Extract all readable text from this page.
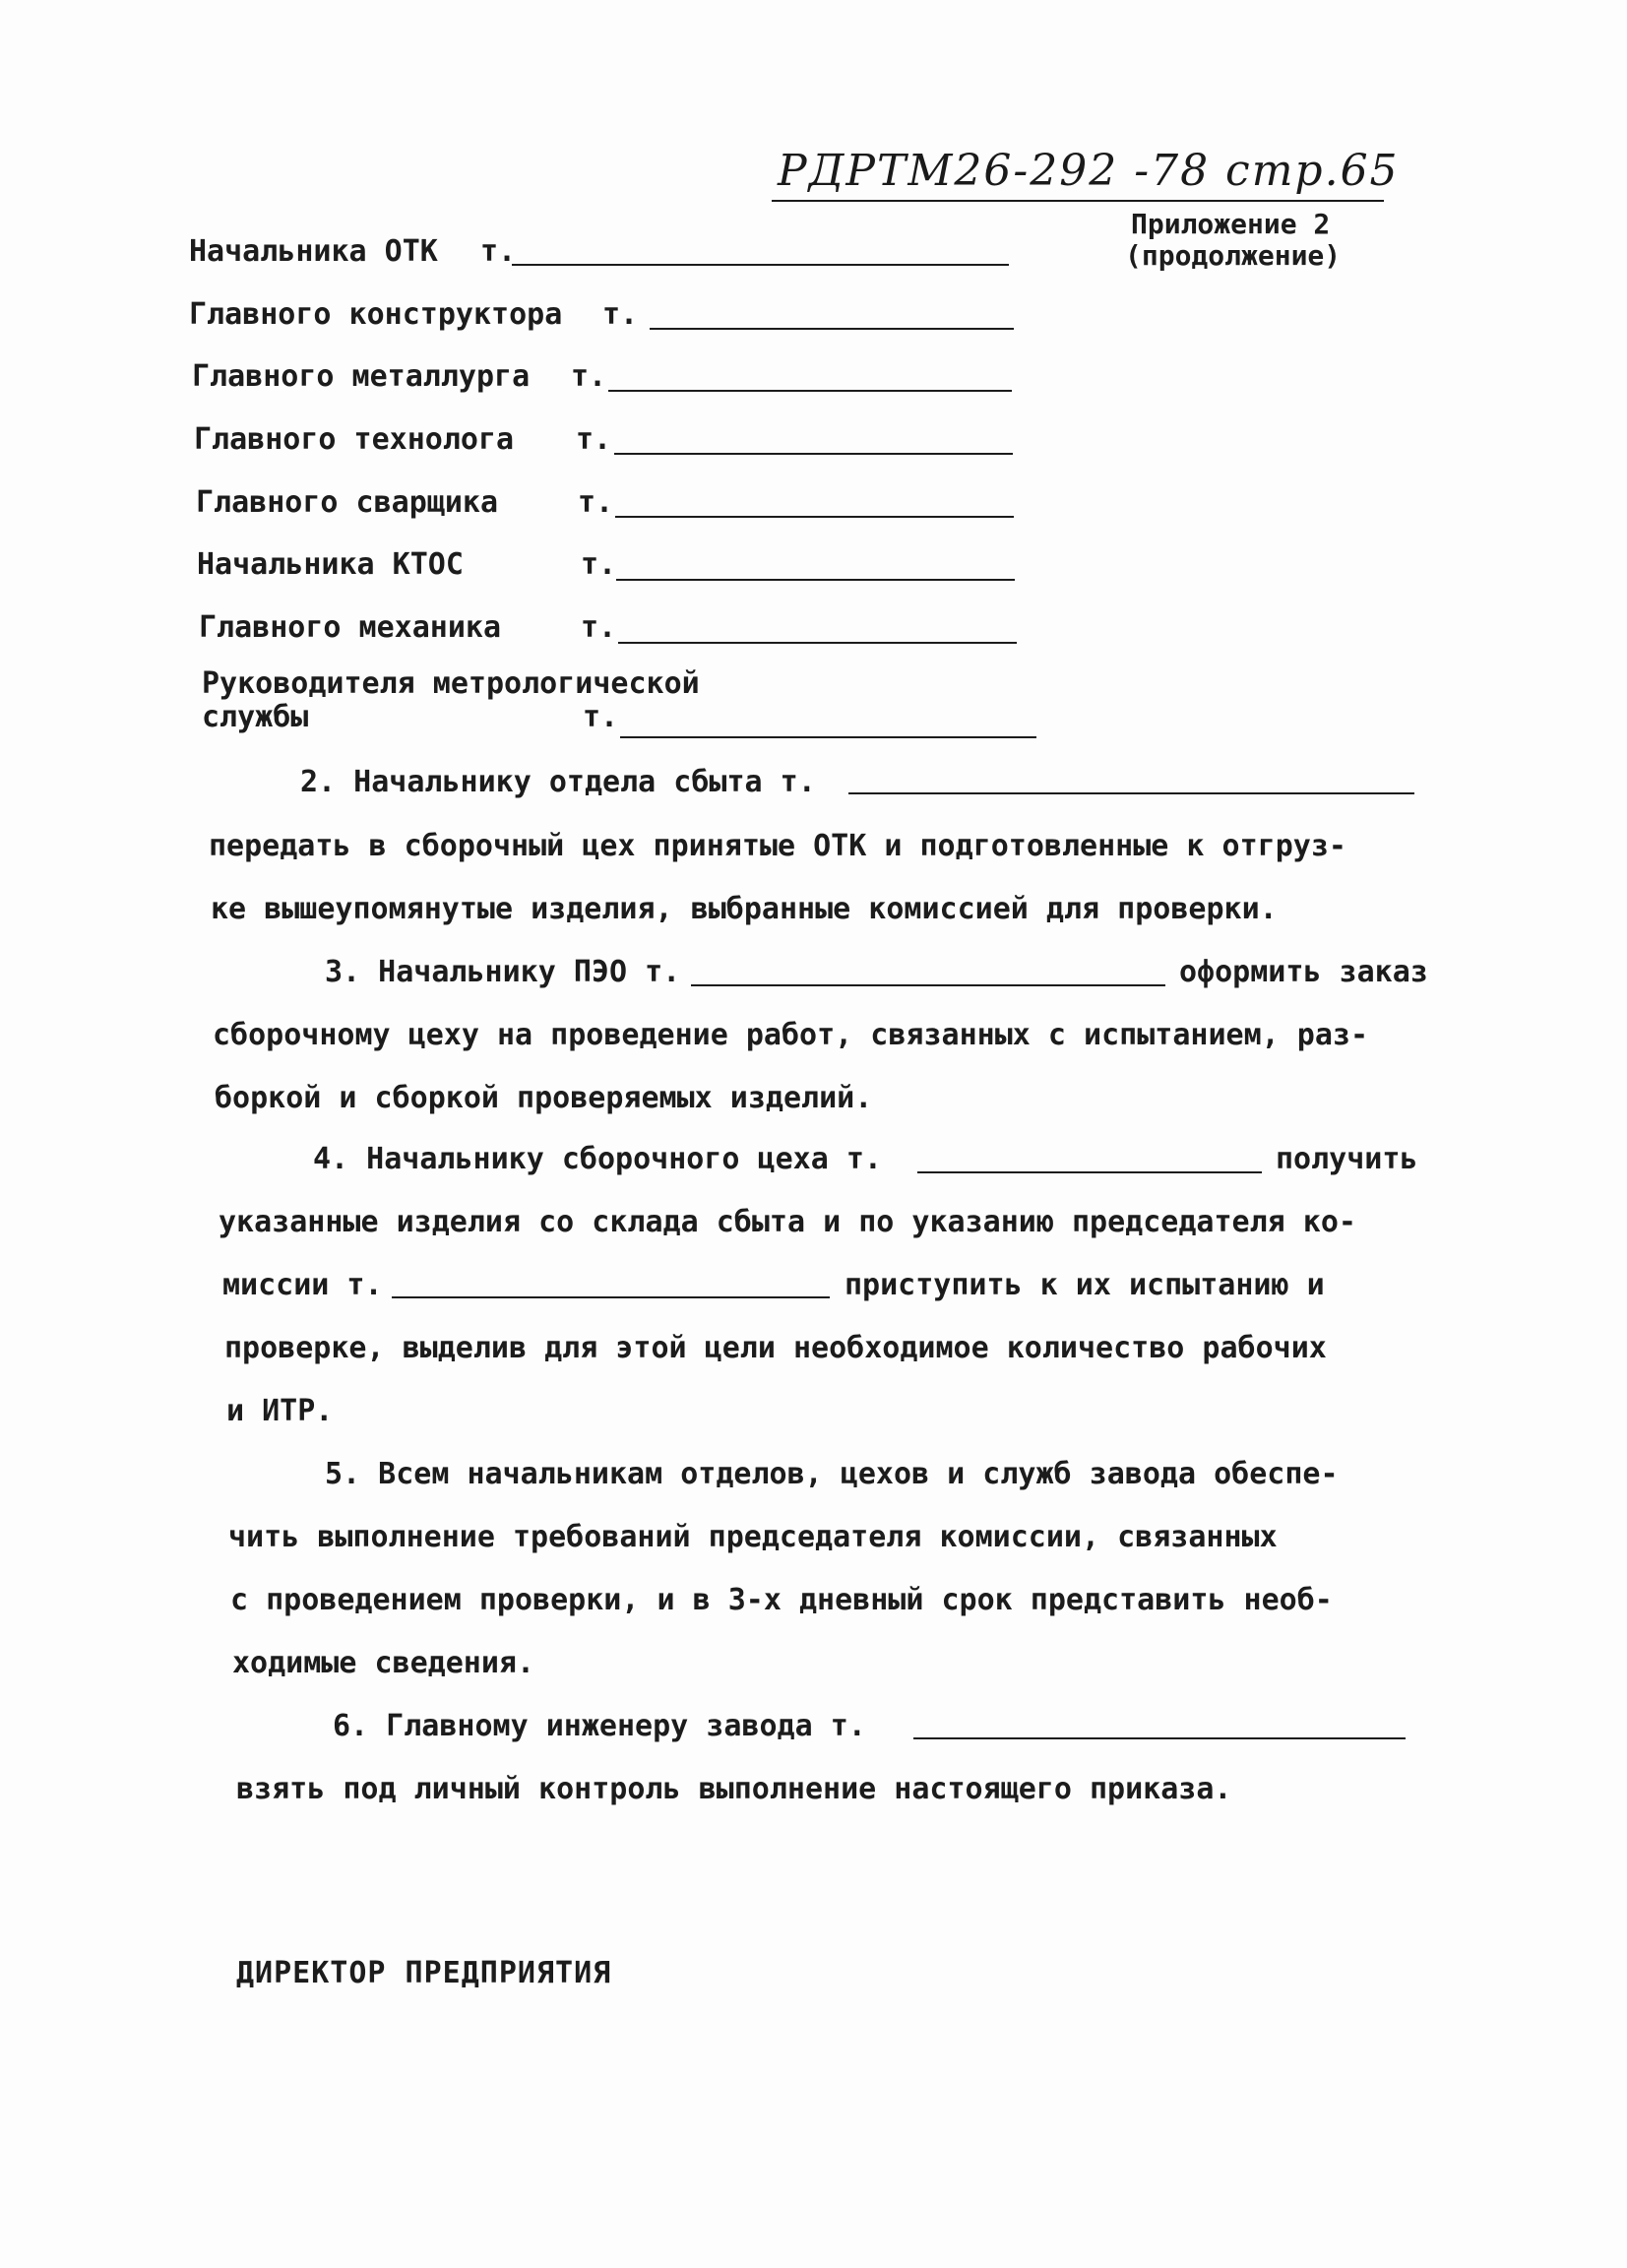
РДРТМ26-292 -78 стр.65
Приложение 2
(продолжение)
Начальника ОТК т.
Главного конструктора т.
Главного металлурга т.
Главного технолога т.
Главного сварщика	т.
Начальника КТОС	т.
Главного механика	т.
Руководителя метрологической
службы	т.
2. Начальнику отдела сбыта т.
передать в сборочный цех принятые ОТК и подготовленные к отгруз-
ке вышеупомянутые изделия, выбранные комиссией для проверки.
3. Начальнику ПЭО т.	оформить заказ
сборочному цеху на проведение работ, связанных с испытанием, раз-
боркой и сборкой проверяемых изделий.
4. Начальнику сборочного цеха т.	получить
указанные изделия со склада сбыта и по указанию председателя ко-
миссии т.	приступить к их испытанию и
проверке, выделив для этой цели необходимое количество рабочих
и ИТР.
5. Всем начальникам отделов, цехов и служб завода обеспе-
чить выполнение требований председателя комиссии, связанных
с проведением проверки, и в 3-х дневный срок представить необ-
ходимые сведения.
6. Главному инженеру завода т.
взять под личный контроль выполнение настоящего приказа.
ДИРЕКТОР ПРЕДПРИЯТИЯ
